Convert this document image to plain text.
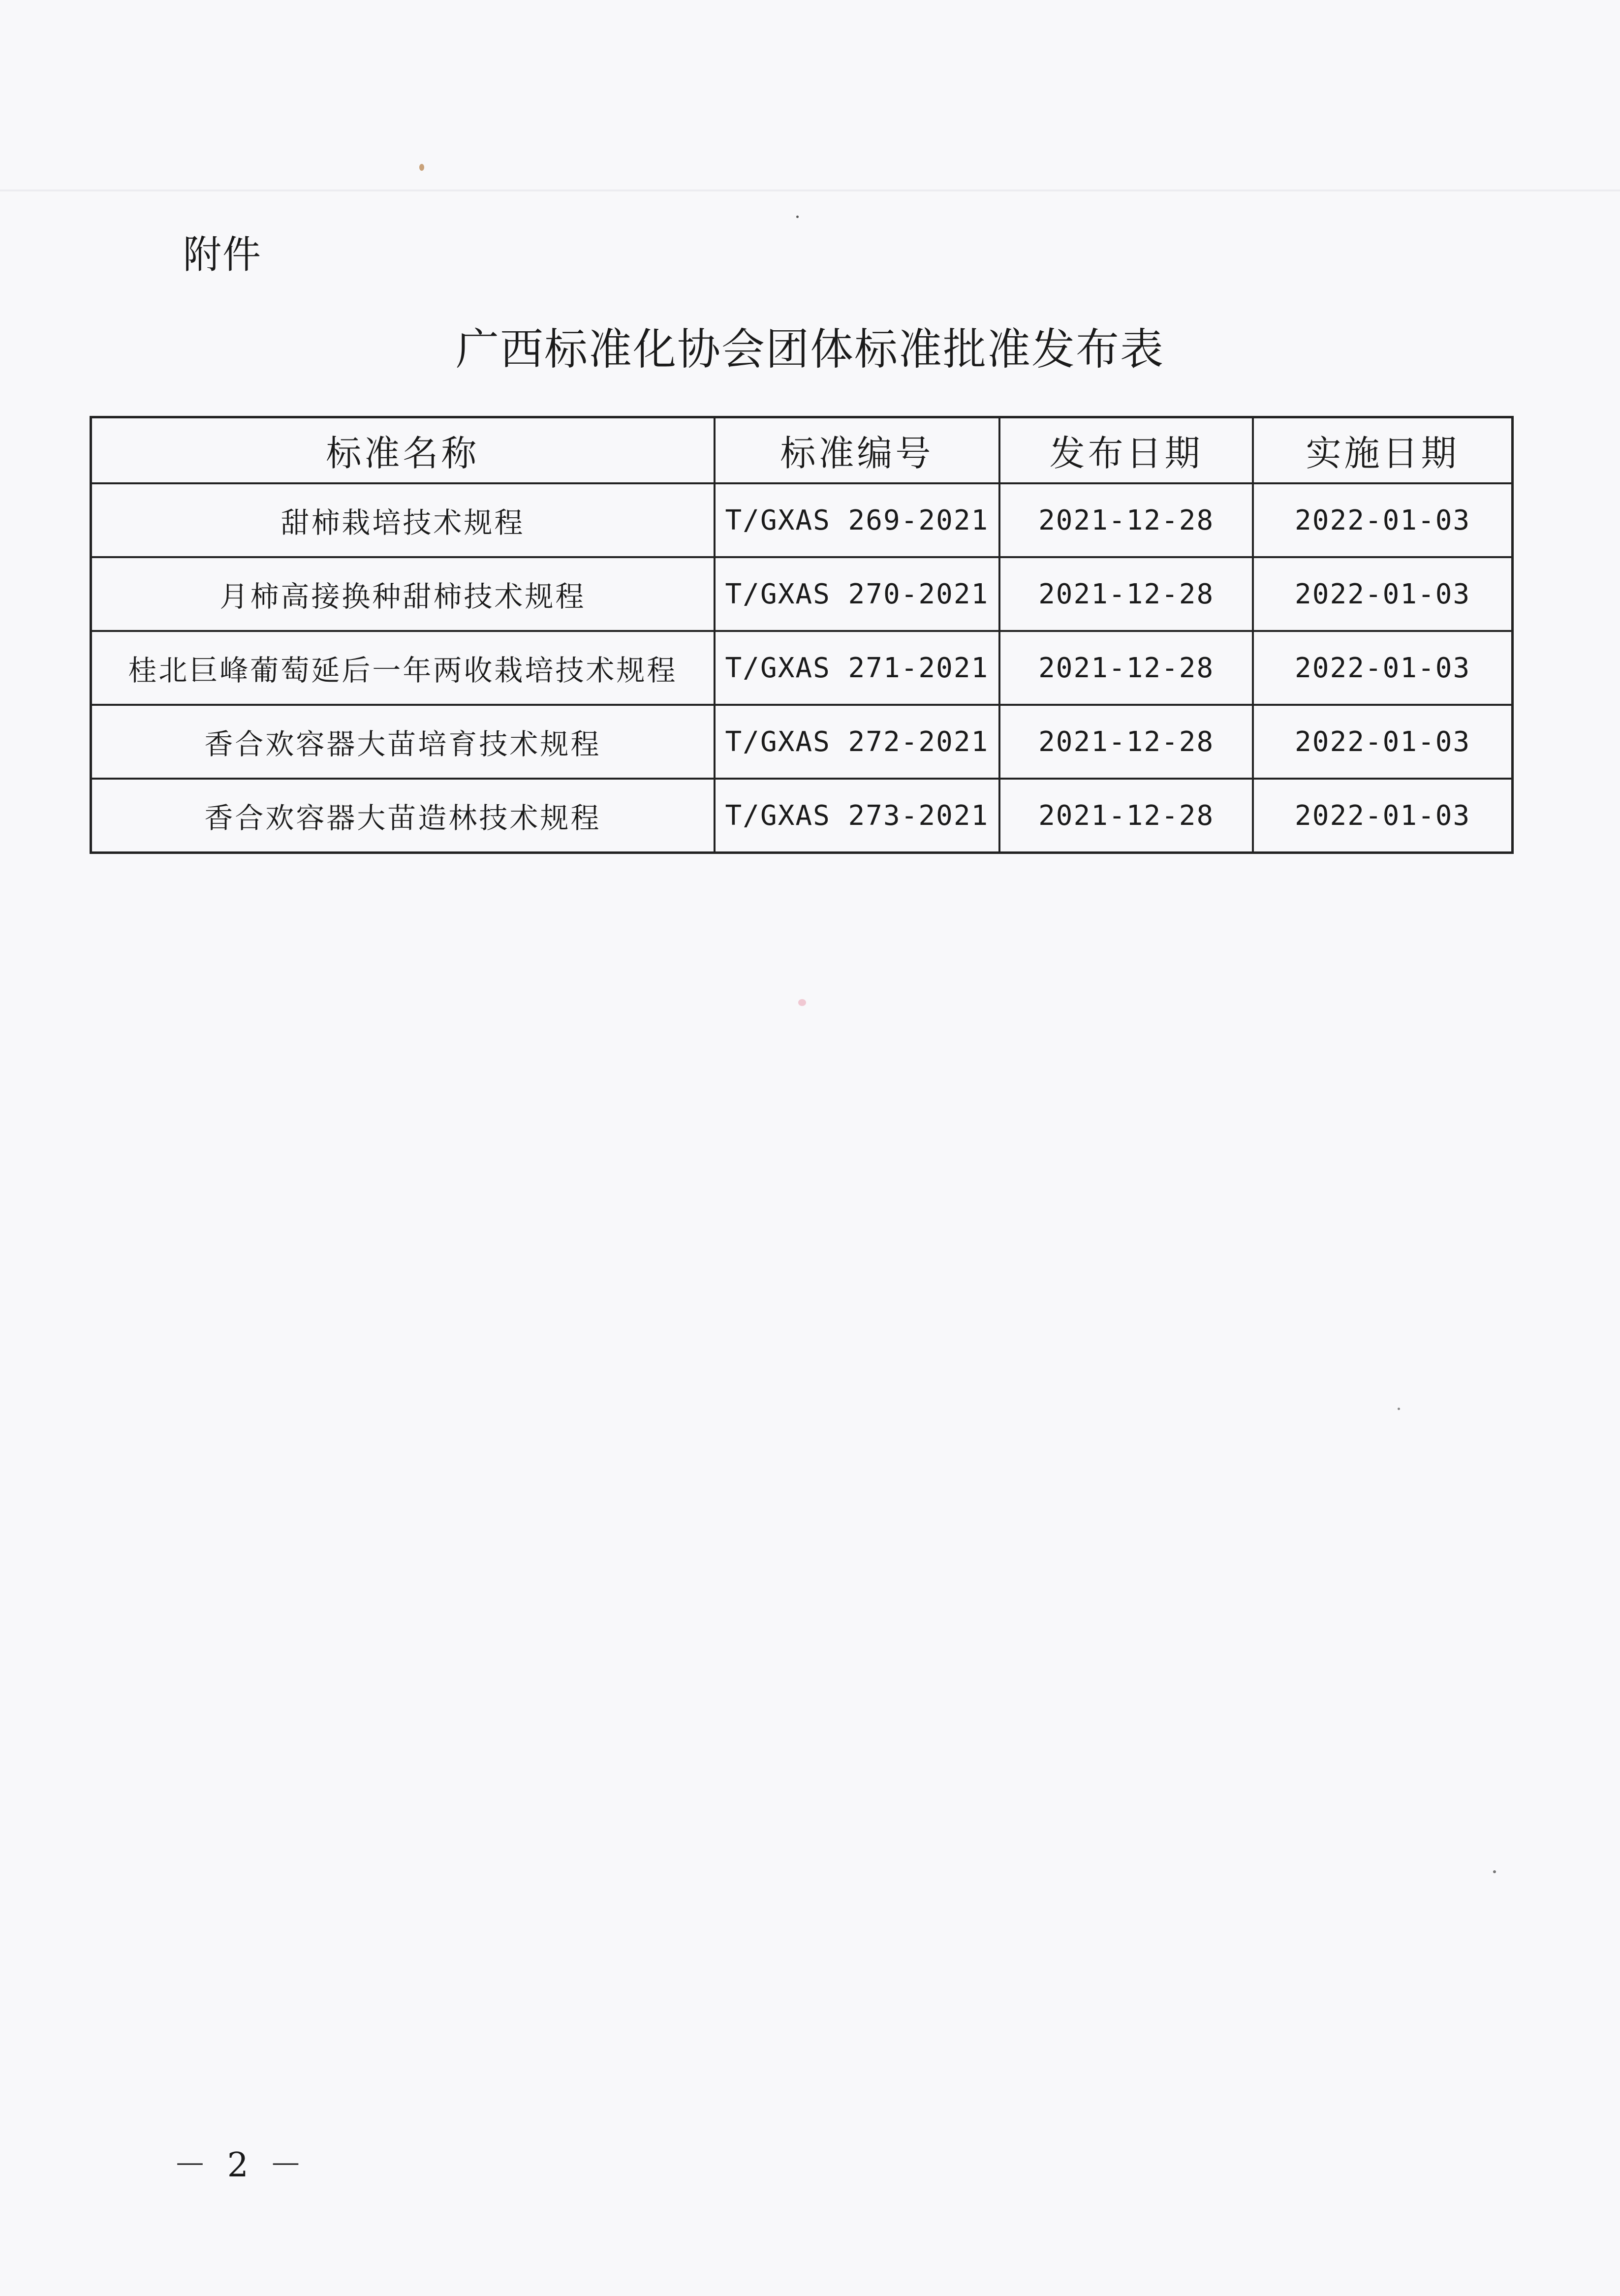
附件
广西标准化协会团体标准批准发布表
标准名称	标准编号	发布日期	实施日期
甜柿栽培技术规程	T/GXAS 269-2021	2021-12-28	2022-01-03
月柿高接换种甜柿技术规程	T/GXAS 270-2021	2021-12-28	2022-01-03
桂北巨峰葡萄延后一年两收栽培技术规程	T/GXAS 271-2021	2021-12-28	2022-01-03
香合欢容器大苗培育技术规程	T/GXAS 272-2021	2021-12-28	2022-01-03
香合欢容器大苗造林技术规程	T/GXAS 273-2021	2021-12-28	2022-01-03
－ 2 －
